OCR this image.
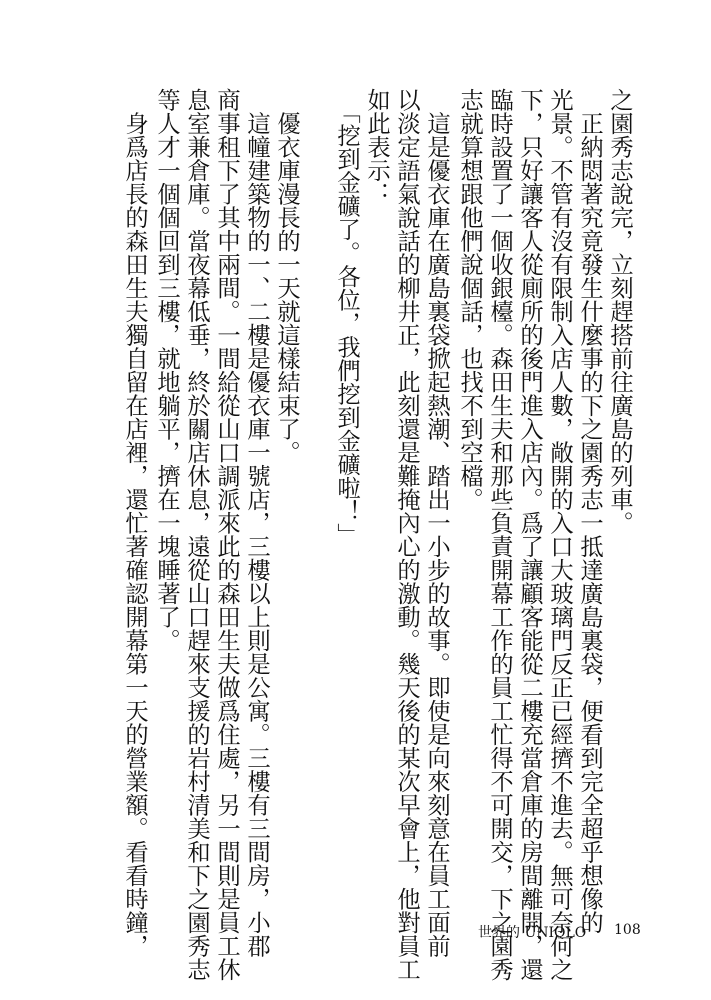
之園秀志說完，立刻趕搭前往廣島的列車。
　正納悶著究竟發生什麼事的下之園秀志一抵達廣島裏袋，便看到完全超乎想像的
光景。不管有沒有限制入店人數，敞開的入口大玻璃門反正已經擠不進去。無可奈何之
下，只好讓客人從廁所的後門進入店內。爲了讓顧客能從二樓充當倉庫的房間離開，還
臨時設置了一個收銀檯。森田生夫和那些負責開幕工作的員工忙得不可開交，下之園秀
志就算想跟他們說個話，也找不到空檔。
　這是優衣庫在廣島裏袋掀起熱潮、踏出一小步的故事。即使是向來刻意在員工面前
以淡定語氣說話的柳井正，此刻還是難掩內心的激動。幾天後的某次早會上，他對員工
如此表示：
　「挖到金礦了。各位，我們挖到金礦啦！」
　優衣庫漫長的一天就這樣結束了。
　這幢建築物的一、二樓是優衣庫一號店，三樓以上則是公寓。三樓有三間房，小郡
商事租下了其中兩間。一間給從山口調派來此的森田生夫做爲住處，另一間則是員工休
息室兼倉庫。當夜幕低垂，終於關店休息，遠從山口趕來支援的岩村清美和下之園秀志
等人才一個個回到三樓，就地躺平，擠在一塊睡著了。
　身爲店長的森田生夫獨自留在店裡，還忙著確認開幕第一天的營業額。看看時鐘，	世界的 UNIQLO 108
